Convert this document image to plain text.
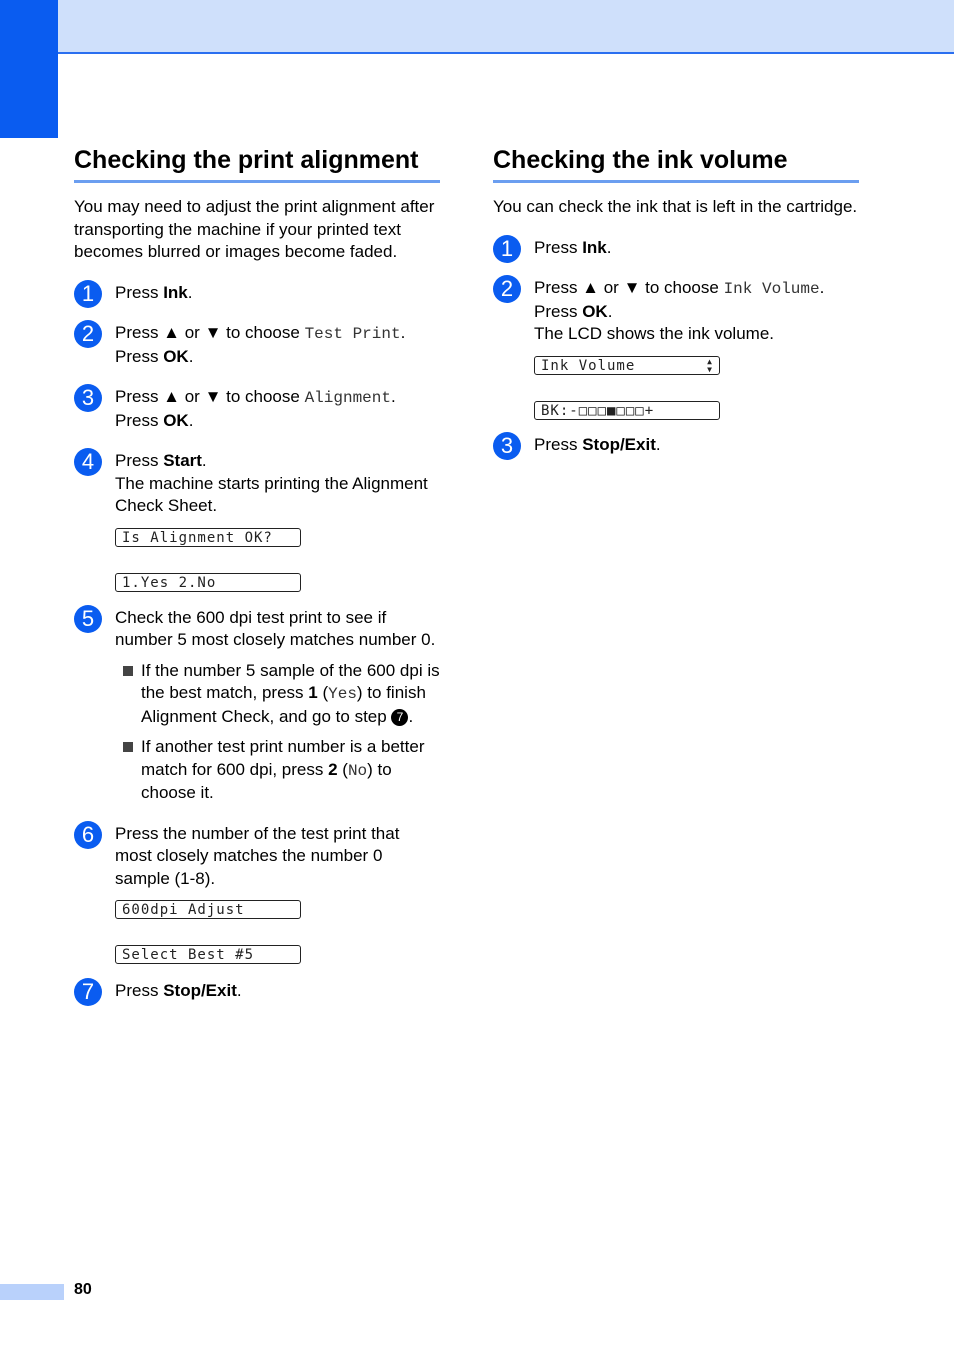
Checking the print alignment

You may need to adjust the print alignment after transporting the machine if your printed text becomes blurred or images become faded.

1	Press Ink.
2	Press ▲ or ▼ to choose Test Print.
Press OK.
3	Press ▲ or ▼ to choose Alignment.
Press OK.
4	Press Start.
The machine starts printing the Alignment Check Sheet.
Is Alignment OK?
1.Yes 2.No
5	Check the 600 dpi test print to see if number 5 most closely matches number 0.
If the number 5 sample of the 600 dpi is the best match, press 1 (Yes) to finish Alignment Check, and go to step 7 .
If another test print number is a better match for 600 dpi, press 2 (No) to choose it.
6	Press the number of the test print that most closely matches the number 0 sample (1-8).
600dpi Adjust
Select Best #5
7	Press Stop/Exit.
Checking the ink volume

You can check the ink that is left in the cartridge.

1	Press Ink.
2	Press ▲ or ▼ to choose Ink Volume.
Press OK.
The LCD shows the ink volume.
Ink Volume	▲
▼
BK:-□□□■□□□+
3	Press Stop/Exit.
80
